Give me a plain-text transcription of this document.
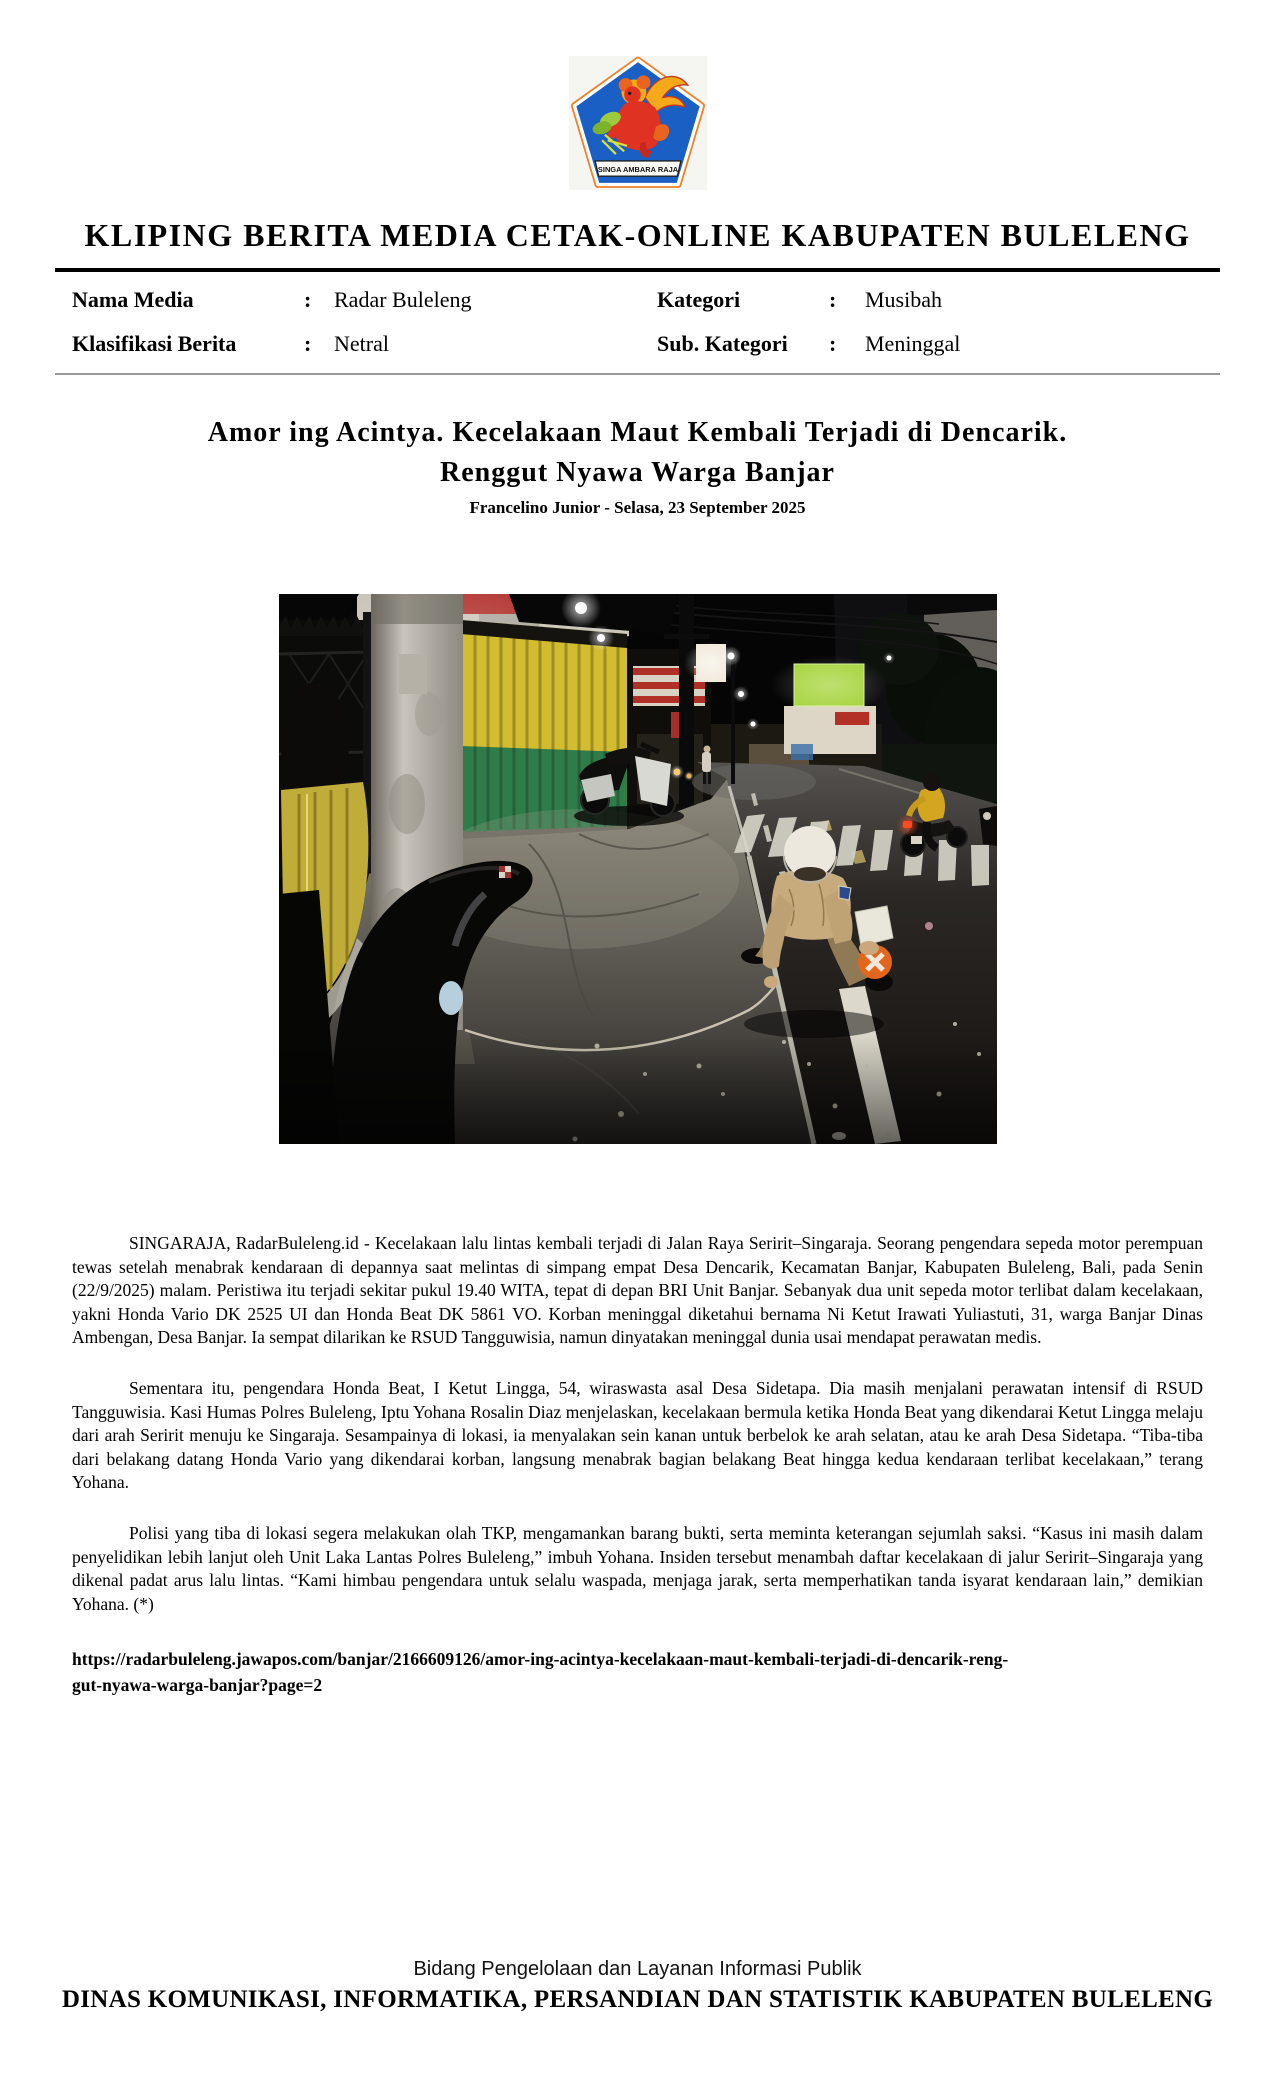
SINGA AMBARA RAJA
KLIPING BERITA MEDIA CETAK-ONLINE KABUPATEN BULELENG
Nama Media	:	Radar Buleleng	Kategori	:	Musibah
Klasifikasi Berita	:	Netral	Sub. Kategori	:	Meninggal
Amor ing Acintya. Kecelakaan Maut Kembali Terjadi di Dencarik.
Renggut Nyawa Warga Banjar
Francelino Junior - Selasa, 23 September 2025

SINGARAJA, RadarBuleleng.id - Kecelakaan lalu lintas kembali terjadi di Jalan Raya Seririt–Singaraja. Seorang pengendara sepeda motor perempuan tewas setelah menabrak kendaraan di depannya saat melintas di simpang empat Desa Dencarik, Kecamatan Banjar, Kabupaten Buleleng, Bali, pada Senin (22/9/2025) malam. Peristiwa itu terjadi sekitar pukul 19.40 WITA, tepat di depan BRI Unit Banjar. Sebanyak dua unit sepeda motor terlibat dalam kecelakaan, yakni Honda Vario DK 2525 UI dan Honda Beat DK 5861 VO. Korban meninggal diketahui bernama Ni Ketut Irawati Yuliastuti, 31, warga Banjar Dinas Ambengan, Desa Banjar. Ia sempat dilarikan ke RSUD Tangguwisia, namun dinyatakan meninggal dunia usai mendapat perawatan medis.

Sementara itu, pengendara Honda Beat, I Ketut Lingga, 54, wiraswasta asal Desa Sidetapa. Dia masih menjalani perawatan intensif di RSUD Tangguwisia. Kasi Humas Polres Buleleng, Iptu Yohana Rosalin Diaz menjelaskan, kecelakaan bermula ketika Honda Beat yang dikendarai Ketut Lingga melaju dari arah Seririt menuju ke Singaraja. Sesampainya di lokasi, ia menyalakan sein kanan untuk berbelok ke arah selatan, atau ke arah Desa Sidetapa. “Tiba-tiba dari belakang datang Honda Vario yang dikendarai korban, langsung menabrak bagian belakang Beat hingga kedua kendaraan terlibat kecelakaan,” terang Yohana.

Polisi yang tiba di lokasi segera melakukan olah TKP, mengamankan barang bukti, serta meminta keterangan sejumlah saksi. “Kasus ini masih dalam penyelidikan lebih lanjut oleh Unit Laka Lantas Polres Buleleng,” imbuh Yohana. Insiden tersebut menambah daftar kecelakaan di jalur Seririt–Singaraja yang dikenal padat arus lalu lintas. “Kami himbau pengendara untuk selalu waspada, menjaga jarak, serta memperhatikan tanda isyarat kendaraan lain,” demikian Yohana. (*)

https://radarbuleleng.jawapos.com/banjar/2166609126/amor-ing-acintya-kecelakaan-maut-kembali-terjadi-di-dencarik-reng-
gut-nyawa-warga-banjar?page=2
Bidang Pengelolaan dan Layanan Informasi Publik
DINAS KOMUNIKASI, INFORMATIKA, PERSANDIAN DAN STATISTIK KABUPATEN BULELENG
